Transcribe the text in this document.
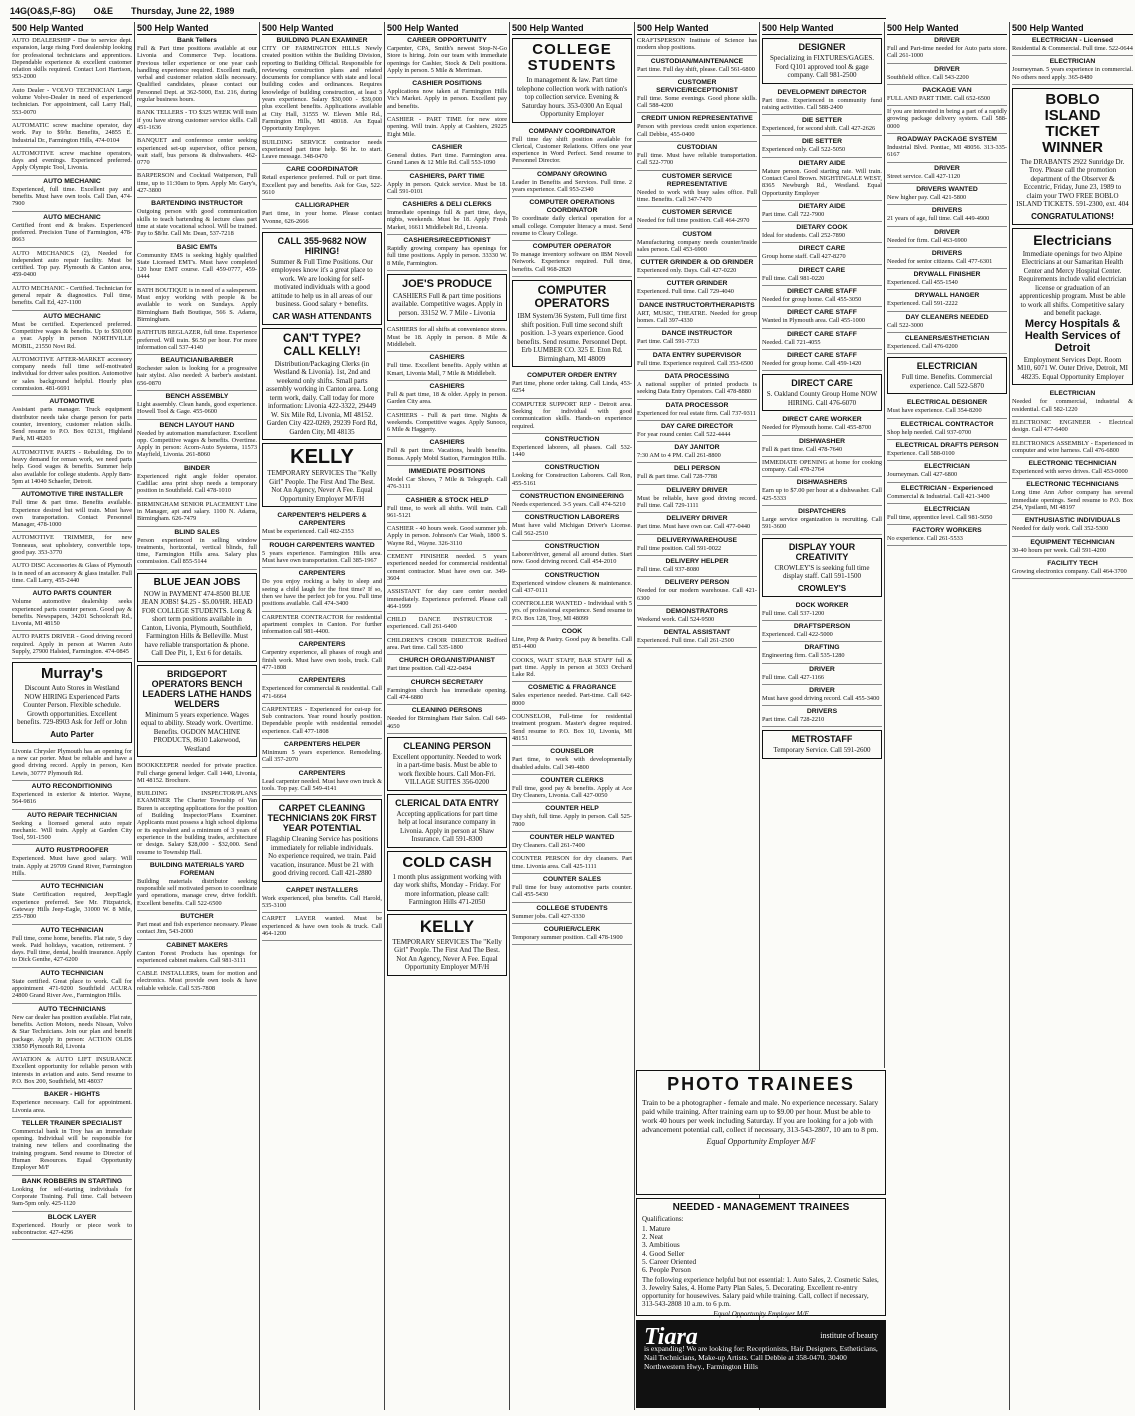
14G(O&S,F-8G) O&E Thursday, June 22, 1989
500 Help Wanted
AUTO DEALERSHIP - Due to service dept. expansion, large rising Ford dealership looking for professional technicians and apprentices. Dependable experience & excellent customer relation skills required. Contact Lori Harrison, 953-2000
Auto Dealer - VOLVO TECHNICIAN Large volume Volvo-Dealer in need of experienced technician. For appointment, call Larry Hall, 553-0070
AUTOMATIC screw machine operator, day work. Pay to $9/hr. Benefits, 24855 E. Industrial Dr., Farmington Hills, 474-0104
AUTOMOTIVE screw machine operators, days and evenings. Experienced preferred. Apply Olympic Tool, Livonia.
AUTO MECHANIC
Experienced, full time. Excellent pay and benefits. Must have own tools. Call Dan, 474-7900
AUTO MECHANIC
Certified front end & brakes. Experienced preferred. Precision Tune of Farmington, 478-8663
AUTO MECHANICS (2), Needed for independent auto repair facility. Must be certified. Top pay. Plymouth & Canton area, 459-0400
AUTO MECHANIC - Certified. Technician for general repair & diagnostics. Full time, benefits. Call Ed, 427-1100
AUTO MECHANIC
Must be certified. Experienced preferred. Competitive wages & benefits. Up to $30,000 a year. Apply in person NORTHVILLE MOBIL, 21550 Novi Rd.
AUTOMOTIVE AFTER-MARKET accessory company needs full time self-motivated individual for driver sales position. Automotive or sales background helpful. Hourly plus commission. 481-6691
AUTOMOTIVE
Assistant parts manager. Truck equipment distributor needs take charge person for parts counter, inventory, customer relation skills. Send resume to P.O. Box 02131, Highland Park, MI 48203
AUTOMOTIVE PARTS - Rebuilding. Do to heavy demand for reman work, we need parts help. Good wages & benefits. Summer help also available for college students. Apply 8am-5pm at 14040 Schaefer, Detroit.
AUTOMOTIVE TIRE INSTALLER
Full time & part time. Benefits available. Experience desired but will train. Must have own transportation. Contact Personnel Manager, 478-1000
AUTOMOTIVE TRIMMER, for new Tonneaus, seat upholstery, convertible tops, good pay. 353-3770
AUTO DISC Accessories & Glass of Plymouth is in need of an accessory & glass installer. Full time. Call Larry, 455-2440
AUTO PARTS COUNTER
Volume automotive dealership seeks experienced parts counter person. Good pay & benefits. Newspapers, 34201 Schoolcraft Rd., Livonia, MI 48150
AUTO PARTS DRIVER - Good driving record required. Apply in person at Warren Auto Supply, 27900 Halsted, Farmington. 474-0845
Murray's
Discount Auto Stores in Westland NOW HIRING Experienced Parts Counter Person. Flexible schedule. Growth opportunities. Excellent benefits. 729-8903 Ask for Jeff or John
Auto Parter
Livonia Chrysler Plymouth has an opening for a new car porter. Must be reliable and have a good driving record. Apply in person, Ken Lewis, 30777 Plymouth Rd.
AUTO RECONDITIONING
Experienced in exterior & interior. Wayne, 564-9816
AUTO REPAIR TECHNICIAN
Seeking a licensed general auto repair mechanic. Will train. Apply at Garden City Tool, 591-1500
AUTO RUSTPROOFER
Experienced. Must have good salary. Will train. Apply at 29709 Grand River, Farmington Hills.
AUTO TECHNICIAN
State Certification required, Jeep/Eagle experience preferred. See Mr. Fitzpatrick, Gateway Hills Jeep-Eagle, 31000 W. 8 Mile, 255-7800
AUTO TECHNICIAN
Full time, come home, benefits. Flat rate, 5 day week. Paid holidays, vacation, retirement. 7 days. Full time, dental, health insurance. Apply to Dick Genthe, 427-6200
AUTO TECHNICIAN
State certified. Great place to work. Call for appointment 471-9200 Southfield ACURA 24800 Grand River Ave., Farmington Hills.
AUTO TECHNICIANS
New car dealer has position available. Flat rate, benefits. Action Motors, needs Nissan, Volvo & Star Technicians. Join our plan and benefit package. Apply in person: ACTION OLDS 33850 Plymouth Rd, Livonia
AVIATION & AUTO LIFT INSURANCE Excellent opportunity for reliable person with interests in aviation and auto. Send resume to P.O. Box 200, Southfield, MI 48037
BAKER - HIGHTS
Experience necessary. Call for appointment. Livonia area.
TELLER TRAINER SPECIALIST
Commercial bank in Troy has an immediate opening. Individual will be responsible for training new tellers and coordinating the training program. Send resume to Director of Human Resources. Equal Opportunity Employer M/F
BANK ROBBERS IN STARTING
Looking for self-starting individuals for Corporate Training. Full time. Call between 9am-5pm only. 425-1120
BLOCK LAYER
Experienced. Hourly or piece work to subcontractor. 427-4296
500 Help Wanted
Bank Tellers
Full & Part time positions available at our Livonia and Commerce Twp. locations. Previous teller experience or one year cash handling experience required. Excellent math, verbal and customer relation skills necessary. Qualified candidates, please contact our Personnel Dept. at 362-5000, Ext. 216, during regular business hours.
BANK TELLERS - TO $325 WEEK Will train if you have strong customer service skills. Call 451-1636
BANQUET and conference center seeking experienced set-up supervisor, office person, wait staff, bus persons & dishwashers. 462-0770
BARPERSON and Cocktail Waitperson, Full time, up to 11:30am to 9pm. Apply Mr. Gary's, 427-3800
BARTENDING INSTRUCTOR
Outgoing person with good communication skills to teach bartending & lecture class part time at state vocational school. Will be trained. Pay to $8/hr. Call Mr. Dean, 537-7218
BASIC EMTs
Community EMS is seeking highly qualified State Licensed EMT's. Must have completed 120 hour EMT course. Call 459-0777, 459-0444
BATH BOUTIQUE is in need of a salesperson. Must enjoy working with people & be available to work on Sundays. Apply Birmingham Bath Boutique, 566 S. Adams, Birmingham.
BATHTUB REGLAZER, full time. Experience preferred. Will train. $6.50 per hour. For more information call 537-4140
BEAUTICIAN/BARBER
Rochester salon is looking for a progressive hair stylist. Also needed: A barber's assistant. 656-0870
BENCH ASSEMBLY
Light assembly. Clean hands, good experience. Howell Tool & Gage. 455-0600
BENCH LAYOUT HAND
Needed by automation manufacturer. Excellent opp. Competitive wages & benefits. Overtime. Apply in person: Acorn-Auto Systems, 11573 Mayfield, Livonia. 261-8060
BINDER
Experienced right angle folder operator. Cadillac area print shop needs a temporary position in Southfield. Call 478-1010
BIRMINGHAM SENIOR PLACEMENT Line in Manager, apt and salary. 1100 N. Adams, Birmingham. 626-7479
BLIND SALES
Person experienced in selling window treatments, horizontal, vertical blinds, full time, Farmington Hills area. Salary plus commission. Call 855-5144
BLUE JEAN JOBS
NOW in PAYMENT 474-8500 BLUE JEAN JOBS! $4.25 - $5.00/HR. HEAD FOR COLLEGE STUDENTS. Long & short term positions available in Canton, Livonia, Plymouth, Southfield, Farmington Hills & Belleville. Must have reliable transportation & phone. Call Dee Pit, 1, Ext 6 for details.
BRIDGEPORT OPERATORS BENCH LEADERS LATHE HANDS WELDERS
Minimum 5 years experience. Wages equal to ability. Steady work. Overtime. Benefits. OGDON MACHINE PRODUCTS, 8610 Lakewood, Westland
BOOKKEEPER needed for private practice. Full charge general ledger. Call 1440, Livonia, MI 48152. Brochure.
BUILDING INSPECTOR/PLANS EXAMINER The Charter Township of Van Buren is accepting applications for the position of Building Inspector/Plans Examiner. Applicants must possess a high school diploma or its equivalent and a minimum of 3 years of experience in the building trades, architecture or design. Salary $28,000 - $32,000. Send resume to Township Hall.
BUILDING MATERIALS YARD FOREMAN
Building materials distributor seeking responsible self motivated person to coordinate yard operations, manage crew, drive forklift. Excellent benefits. Call 522-6500
BUTCHER
Part meat and fish experience necessary. Please contact Jim, 543-2000
CABINET MAKERS
Canton Forest Products has openings for experienced cabinet makers. Call 981-3111
CABLE INSTALLERS, team for motion and electronics. Must provide own tools & have reliable vehicle. Call 535-7808
500 Help Wanted
BUILDING PLAN EXAMINER
CITY OF FARMINGTON HILLS Newly created position within the Building Division, reporting to Building Official. Responsible for reviewing construction plans and related documents for compliance with state and local building codes and ordinances. Requires knowledge of building construction, at least 3 years experience. Salary $30,000 - $39,000 plus excellent benefits. Applications available at City Hall, 31555 W. Eleven Mile Rd., Farmington Hills, MI 48018. An Equal Opportunity Employer.
BUILDING SERVICE contractor needs experienced part time help. $6 hr. to start. Leave message. 348-0470
CARE COORDINATOR
Retail experience preferred. Full or part time. Excellent pay and benefits. Ask for Gus, 522-5610
CALLIGRAPHER
Part time, in your home. Please contact Yvonne, 626-2666
CALL 355-9682 NOW HIRING!
Summer & Full Time Positions. Our employees know it's a great place to work. We are looking for self-motivated individuals with a good attitude to help us in all areas of our business. Good salary + benefits.
CAR WASH ATTENDANTS
CAN'T TYPE? CALL KELLY!
Distribution/Packaging Clerks (in Westland & Livonia). 1st, 2nd and weekend only shifts. Small parts assembly working in Canton area. Long term work, daily. Call today for more information: Livonia 422-3322, 29449 W. Six Mile Rd, Livonia, MI 48152. Garden City 422-0269, 29239 Ford Rd, Garden City, MI 48135
KELLY
TEMPORARY SERVICES The "Kelly Girl" People. The First And The Best. Not An Agency, Never A Fee. Equal Opportunity Employer M/F/H
CARPENTER'S HELPERS & CARPENTERS
Must be experienced. Call 482-2353
ROUGH CARPENTERS WANTED
5 years experience. Farmington Hills area. Must have own transportation. Call 385-1967
CARPENTERS
Do you enjoy rocking a baby to sleep and seeing a child laugh for the first time? If so, then we have the perfect job for you. Full time positions available. Call 474-3400
CARPENTER CONTRACTOR for residential apartment complex in Canton. For further information call 981-4400.
CARPENTERS
Carpentry experience, all phases of rough and finish work. Must have own tools, truck. Call 477-1808
CARPENTERS
Experienced for commercial & residential. Call 471-6664
CARPENTERS - Experienced for cut-up for. Sub contractors. Year round hourly position. Dependable people with residential remodel experience. Call 477-1808
CARPENTERS HELPER
Minimum 5 years experience. Remodeling. Call 357-2070
CARPENTERS
Lead carpenter needed. Must have own truck & tools. Top pay. Call 549-4141
CARPET CLEANING TECHNICIANS 20K FIRST YEAR POTENTIAL
Flagship Cleaning Service has positions immediately for reliable individuals. No experience required, we train. Paid vacation, insurance. Must be 21 with good driving record. Call 421-2880
CARPET INSTALLERS
Work experienced, plus benefits. Call Harold, 535-3100
CARPET LAYER wanted. Must be experienced & have own tools & truck. Call 464-1200
500 Help Wanted
CAREER OPPORTUNITY
Carpenter, CPA, Smith's newest Stop-N-Go Store is hiring. Join our team with immediate openings for Cashier, Stock & Deli positions. Apply in person. 5 Mile & Merriman.
CASHIER POSITIONS
Applications now taken at Farmington Hills Vic's Market. Apply in person. Excellent pay and benefits.
CASHIER - PART TIME for new store opening. Will train. Apply at Cashiers, 29225 Eight Mile.
CASHIER
General duties. Part time. Farmington area. Grand Lanes & 12 Mile Rd. Call 553-1090
CASHIERS, PART TIME
Apply in person. Quick service. Must be 18. Call 591-0101
CASHIERS & DELI CLERKS
Immediate openings full & part time, days, nights, weekends. Must be 18. Apply Fresh Market, 16611 Middlebelt Rd., Livonia.
CASHIERS/RECEPTIONIST
Rapidly growing company has openings for full time positions. Apply in person. 33330 W. 8 Mile, Farmington.
JOE'S PRODUCE
CASHIERS Full & part time positions available. Competitive wages. Apply in person. 33152 W. 7 Mile - Livonia
CASHIERS for all shifts at convenience stores. Must be 18. Apply in person. 8 Mile & Middlebelt.
CASHIERS
Full time. Excellent benefits. Apply within at Kmart, Livonia Mall, 7 Mile & Middlebelt.
CASHIERS
Full & part time, 18 & older. Apply in person. Garden City area.
CASHIERS - Full & part time. Nights & weekends. Competitive wages. Apply Sunoco, 6 Mile & Haggerty.
CASHIERS
Full & part time. Vacations, health benefits. Bonus. Apply Mobil Station, Farmington Hills.
IMMEDIATE POSITIONS
Model Car Shows, 7 Mile & Telegraph. Call 476-3111
CASHIER & STOCK HELP
Full time, to work all shifts. Will train. Call 961-5121
CASHIER - 40 hours week. Good summer job. Apply in person. Johnson's Car Wash, 1800 S. Wayne Rd., Wayne. 326-3110
CEMENT FINISHER needed. 5 years experienced needed for commercial residential cement contractor. Must have own car. 349-3604
ASSISTANT for day care center needed immediately. Experience preferred. Please call 464-1999
CHILD DANCE INSTRUCTOR - experienced. Call 261-6400
CHILDREN'S CHOIR DIRECTOR Redford area. Part time. Call 535-1800
CHURCH ORGANIST/PIANIST
Part time position. Call 422-0494
CHURCH SECRETARY
Farmington church has immediate opening. Call 474-6880
CLEANING PERSONS
Needed for Birmingham Hair Salon. Call 649-4650
CLEANING PERSON
Excellent opportunity. Needed to work in a part-time basis. Must be able to work flexible hours. Call Mon-Fri. VILLAGE SUITES 356-0200
CLERICAL DATA ENTRY
Accepting applications for part time help at local insurance company in Livonia. Apply in person at Shaw Insurance. Call 591-8300
COLD CASH
1 month plus assignment working with day work shifts, Monday - Friday. For more information, please call: Farmington Hills 471-2050
KELLY
TEMPORARY SERVICES The "Kelly Girl" People. The First And The Best. Not An Agency, Never A Fee. Equal Opportunity Employer M/F/H
500 Help Wanted
COLLEGE STUDENTS
In management & law. Part time telephone collection work with nation's top collection service. Evening & Saturday hours. 353-0300 An Equal Opportunity Employer
COMPANY COORDINATOR
Full time day shift position available for Clerical, Customer Relations. Offers one year experience in Word Perfect. Send resume to Personnel Director.
COMPANY GROWING
Leader in Benefits and Services. Full time. 2 years experience. Call 953-2340
COMPUTER OPERATIONS COORDINATOR
To coordinate daily clerical operation for a small college. Computer literacy a must. Send resume to Cleary College.
COMPUTER OPERATOR
To manage inventory software on IBM Novell Network. Experience required. Full time, benefits. Call 968-2820
COMPUTER OPERATORS
IBM System/36 System, Full time first shift position. Full time second shift position. 1-3 years experience. Good benefits. Send resume. Personnel Dept. Erb LUMBER CO. 325 E. Eton Rd. Birmingham, MI 48009
COMPUTER ORDER ENTRY
Part time, phone order taking. Call Linda, 453-6254
COMPUTER SUPPORT REP - Detroit area. Seeking for individual with good communication skills. Hands-on experience required.
CONSTRUCTION
Experienced laborers, all phases. Call 532-1440
CONSTRUCTION
Looking for Construction Laborers. Call Ron, 455-5161
CONSTRUCTION ENGINEERING
Needs experienced. 3-5 years. Call 474-5210
CONSTRUCTION LABORERS
Must have valid Michigan Driver's License. Call 562-2510
CONSTRUCTION
Laborer/driver, general all around duties. Start now. Good driving record. Call 454-2010
CONSTRUCTION
Experienced window cleaners & maintenance. Call 437-0111
CONTROLLER WANTED - Individual with 5 yrs. of professional experience. Send resume to P.O. Box 128, Troy, MI 48099
COOK
Line, Prep & Pastry. Good pay & benefits. Call 851-4400
COOKS, WAIT STAFF, BAR STAFF full & part time. Apply in person at 3033 Orchard Lake Rd.
COSMETIC & FRAGRANCE
Sales experience needed. Part-time. Call 642-8000
COUNSELOR, Full-time for residential treatment program. Master's degree required. Send resume to P.O. Box 10, Livonia, MI 48151
COUNSELOR
Part time, to work with developmentally disabled adults. Call 349-4800
COUNTER CLERKS
Full time, good pay & benefits. Apply at Ace Dry Cleaners, Livonia. Call 427-0050
COUNTER HELP
Day shift, full time. Apply in person. Call 525-7800
COUNTER HELP WANTED
Dry Cleaners. Call 261-7400
COUNTER PERSON for dry cleaners. Part time. Livonia area. Call 425-1111
COUNTER SALES
Full time for busy automotive parts counter. Call 455-5430
COLLEGE STUDENTS
Summer jobs. Call 427-3330
COURIER/CLERK
Temporary summer position. Call 478-1900
500 Help Wanted
CRAFTSPERSON Institute of Science has modern shop positions.
CUSTODIAN/MAINTENANCE
Part time. Full day shift, please. Call 561-6800
CUSTOMER SERVICE/RECEPTIONIST
Full time. Some evenings. Good phone skills. Call 588-4200
CREDIT UNION REPRESENTATIVE
Person with previous credit union experience. Call Debbie, 455-0400
CUSTODIAN
Full time. Must have reliable transportation. Call 522-7700
CUSTOMER SERVICE REPRESENTATIVE
Needed to work with busy sales office. Full time. Benefits. Call 347-7470
CUSTOMER SERVICE
Needed for full time position. Call 464-2970
CUSTOM
Manufacturing company needs counter/inside sales person. Call 453-6900
CUTTER GRINDER & OD GRINDER
Experienced only. Days. Call 427-0220
CUTTER GRINDER
Experienced. Full time. Call 729-4040
DANCE INSTRUCTOR/THERAPISTS
ART, MUSIC, THEATRE. Needed for group homes. Call 397-4330
DANCE INSTRUCTOR
Part time. Call 591-7733
DATA ENTRY SUPERVISOR
Full time. Experience required. Call 353-6500
DATA PROCESSING
A national supplier of printed products is seeking Data Entry Operators. Call 478-8880
DATA PROCESSOR
Experienced for real estate firm. Call 737-9311
DAY CARE DIRECTOR
For year round center. Call 522-4444
DAY JANITOR
7:30 AM to 4 PM. Call 261-8800
DELI PERSON
Full & part time. Call 728-7788
DELIVERY DRIVER
Must be reliable, have good driving record. Full time. Call 729-1111
DELIVERY DRIVER
Part time. Must have own car. Call 477-0440
DELIVERY/WAREHOUSE
Full time position. Call 591-0022
DELIVERY HELPER
Full time. Call 937-8080
DELIVERY PERSON
Needed for our modern warehouse. Call 421-6300
DEMONSTRATORS
Weekend work. Call 524-9500
DENTAL ASSISTANT
Experienced. Full time. Call 261-2500
500 Help Wanted
DESIGNER
Specializing in FIXTURES/GAGES. Ford Q101 approved tool & gage company. Call 981-2500
DEVELOPMENT DIRECTOR
Part time. Experienced in community fund raising activities. Call 588-2400
DIE SETTER
Experienced, for second shift. Call 427-2626
DIE SETTER
Experienced only. Call 522-5050
DIETARY AIDE
Mature person. Good starting rate. Will train. Contact Carol Brown. NIGHTINGALE WEST, 8365 Newburgh Rd., Westland. Equal Opportunity Employer
DIETARY AIDE
Part time. Call 722-7900
DIETARY COOK
Ideal for students. Call 252-7890
DIRECT CARE
Group home staff. Call 427-8270
DIRECT CARE
Full time. Call 981-0220
DIRECT CARE STAFF
Needed for group home. Call 455-3050
DIRECT CARE STAFF
Wanted in Plymouth area. Call 455-1000
DIRECT CARE STAFF
Needed. Call 721-4055
DIRECT CARE STAFF
Needed for group home. Call 459-1420
DIRECT CARE
S. Oakland County Group Home NOW HIRING. Call 476-6070
DIRECT CARE WORKER
Needed for Plymouth home. Call 455-8700
DISHWASHER
Full & part time. Call 478-7640
IMMEDIATE OPENING at home for cooking company. Call 478-2764
DISHWASHERS
Earn up to $7.00 per hour at a dishwasher. Call 425-5333
DISPATCHERS
Large service organization is recruiting. Call 591-3600
DISPLAY YOUR CREATIVITY
CROWLEY'S is seeking full time display staff. Call 591-1500
CROWLEY'S
DOCK WORKER
Full time. Call 537-1200
DRAFTSPERSON
Experienced. Call 422-5000
DRAFTING
Engineering firm. Call 535-1280
DRIVER
Full time. Call 427-1166
DRIVER
Must have good driving record. Call 455-3400
DRIVERS
Part time. Call 728-2210
METROSTAFF
Temporary Service. Call 591-2600
500 Help Wanted
DRIVER
Full and Part-time needed for Auto parts store. Call 261-1000
DRIVER
Southfield office. Call 543-2200
PACKAGE VAN
FULL AND PART TIME. Call 652-6500
If you are interested in being a part of a rapidly growing package delivery system. Call 588-0000
ROADWAY PACKAGE SYSTEM
Industrial Blvd. Pontiac, MI 48056. 313-335-6167
DRIVER
Street service. Call 427-1120
DRIVERS WANTED
New higher pay. Call 421-5800
DRIVERS
21 years of age, full time. Call 449-4900
DRIVER
Needed for firm. Call 463-6900
DRIVERS
Needed for senior citizens. Call 477-6301
DRYWALL FINISHER
Experienced. Call 455-1540
DRYWALL HANGER
Experienced. Call 591-2222
DAY CLEANERS NEEDED
Call 522-3000
CLEANERS/ESTHETICIAN
Experienced. Call 476-0200
ELECTRICIAN
Full time. Benefits. Commercial experience. Call 522-5870
ELECTRICAL DESIGNER
Must have experience. Call 354-8200
ELECTRICAL CONTRACTOR
Shop help needed. Call 937-0700
ELECTRICAL DRAFTS PERSON
Experience. Call 588-0100
ELECTRICIAN
Journeyman. Call 427-6800
ELECTRICIAN - Experienced
Commercial & Industrial. Call 421-3400
ELECTRICIAN
Full time, apprentice level. Call 981-5050
FACTORY WORKERS
No experience. Call 261-5533
500 Help Wanted
ELECTRICIAN - Licensed
Residential & Commercial. Full time. 522-0644
ELECTRICIAN
Journeyman. 5 years experience in commercial. No others need apply. 365-8480
BOBLO ISLAND TICKET WINNER
The DRABANTS 2922 Sunridge Dr. Troy. Please call the promotion department of the Observer & Eccentric, Friday, June 23, 1989 to claim your TWO FREE BOBLO ISLAND TICKETS. 591-2300, ext. 404
CONGRATULATIONS!
Electricians
Immediate openings for two Alpine Electricians at our Samaritan Health Center and Mercy Hospital Center. Requirements include valid electrician license or graduation of an apprenticeship program. Must be able to work all shifts. Competitive salary and benefit package.
Mercy Hospitals & Health Services of Detroit
Employment Services Dept. Room M10, 6071 W. Outer Drive, Detroit, MI 48235. Equal Opportunity Employer
ELECTRICIAN
Needed for commercial, industrial & residential. Call 582-1220
ELECTRONIC ENGINEER - Electrical design. Call 477-6400
ELECTRONICS ASSEMBLY - Experienced in computer and wire harness. Call 476-6800
ELECTRONIC TECHNICIAN
Experienced with servo drives. Call 453-0000
ELECTRONIC TECHNICIANS
Long time Ann Arbor company has several immediate openings. Send resume to P.O. Box 254, Ypsilanti, MI 48197
ENTHUSIASTIC INDIVIDUALS
Needed for daily work. Call 352-5300
EQUIPMENT TECHNICIAN
30-40 hours per week. Call 591-4200
FACILITY TECH
Growing electronics company. Call 464-3700
PHOTO TRAINEES
Train to be a photographer - female and male. No experience necessary. Salary paid while training. After training earn up to $9.00 per hour. Must be able to work 40 hours per week including Saturday. If you are looking for a job with advancement potential call, collect if necessary, 313-543-2807, 10 am to 8 pm.
Equal Opportunity Employer M/F
NEEDED - MANAGEMENT TRAINEES
Qualifications:
1. Mature
2. Neat
3. Ambitious
4. Good Seller
5. Career Oriented
6. People Person
The following experience helpful but not essential: 1. Auto Sales, 2. Cosmetic Sales, 3. Jewelry Sales, 4. Home Party Plan Sales, 5. Decorating. Excellent re-entry opportunity for housewives. Salary paid while training. Call, collect if necessary, 313-543-2808 10 a.m. to 6 p.m.
Equal Opportunity Employer M/F
Tiara	institute of beauty
is expanding! We are looking for: Receptionists, Hair Designers, Estheticians, Nail Technicians, Make-up Artists. Call Debbie at 358-0470. 30400 Northwestern Hwy., Farmington Hills
